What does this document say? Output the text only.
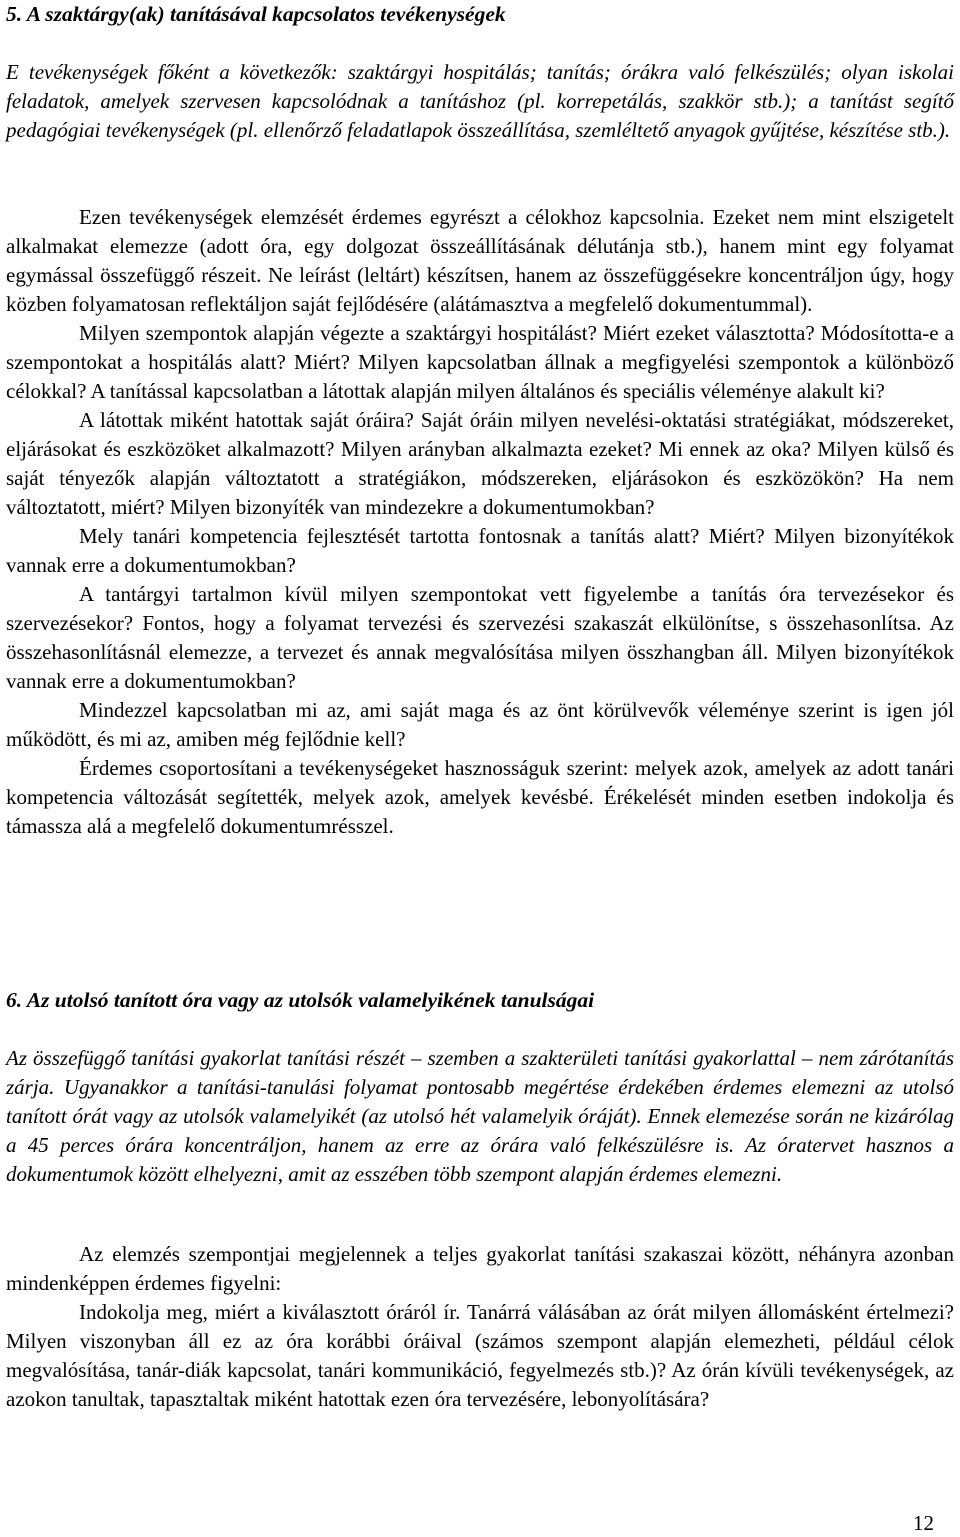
5. A szaktárgy(ak) tanításával kapcsolatos tevékenységek

E tevékenységek főként a következők: szaktárgyi hospitálás; tanítás; órákra való felkészülés; olyan iskolai feladatok, amelyek szervesen kapcsolódnak a tanításhoz (pl. korrepetálás, szakkör stb.); a tanítást segítő pedagógiai tevékenységek (pl. ellenőrző feladatlapok összeállítása, szemléltető anyagok gyűjtése, készítése stb.).

Ezen tevékenységek elemzését érdemes egyrészt a célokhoz kapcsolnia. Ezeket nem mint elszigetelt alkalmakat elemezze (adott óra, egy dolgozat összeállításának délutánja stb.), hanem mint egy folyamat egymással összefüggő részeit. Ne leírást (leltárt) készítsen, hanem az összefüggésekre koncentráljon úgy, hogy közben folyamatosan reflektáljon saját fejlődésére (alátámasztva a megfelelő dokumentummal).

Milyen szempontok alapján végezte a szaktárgyi hospitálást? Miért ezeket választotta? Módosította-e a szempontokat a hospitálás alatt? Miért? Milyen kapcsolatban állnak a megfigyelési szempontok a különböző célokkal? A tanítással kapcsolatban a látottak alapján milyen általános és speciális véleménye alakult ki?

A látottak miként hatottak saját óráira? Saját óráin milyen nevelési-oktatási stratégiákat, módszereket, eljárásokat és eszközöket alkalmazott? Milyen arányban alkalmazta ezeket? Mi ennek az oka? Milyen külső és saját tényezők alapján változtatott a stratégiákon, módszereken, eljárásokon és eszközökön? Ha nem változtatott, miért? Milyen bizonyíték van mindezekre a dokumentumokban?

Mely tanári kompetencia fejlesztését tartotta fontosnak a tanítás alatt? Miért? Milyen bizonyítékok vannak erre a dokumentumokban?

A tantárgyi tartalmon kívül milyen szempontokat vett figyelembe a tanítás óra tervezésekor és szervezésekor? Fontos, hogy a folyamat tervezési és szervezési szakaszát elkülönítse, s összehasonlítsa. Az összehasonlításnál elemezze, a tervezet és annak megvalósítása milyen összhangban áll. Milyen bizonyítékok vannak erre a dokumentumokban?

Mindezzel kapcsolatban mi az, ami saját maga és az önt körülvevők véleménye szerint is igen jól működött, és mi az, amiben még fejlődnie kell?

Érdemes csoportosítani a tevékenységeket hasznosságuk szerint: melyek azok, amelyek az adott tanári kompetencia változását segítették, melyek azok, amelyek kevésbé. Érékelését minden esetben indokolja és támassza alá a megfelelő dokumentumrésszel.

6. Az utolsó tanított óra vagy az utolsók valamelyikének tanulságai

Az összefüggő tanítási gyakorlat tanítási részét – szemben a szakterületi tanítási gyakorlattal – nem zárótanítás zárja. Ugyanakkor a tanítási-tanulási folyamat pontosabb megértése érdekében érdemes elemezni az utolsó tanított órát vagy az utolsók valamelyikét (az utolsó hét valamelyik óráját). Ennek elemezése során ne kizárólag a 45 perces órára koncentráljon, hanem az erre az órára való felkészülésre is. Az óratervet hasznos a dokumentumok között elhelyezni, amit az esszében több szempont alapján érdemes elemezni.

Az elemzés szempontjai megjelennek a teljes gyakorlat tanítási szakaszai között, néhányra azonban mindenképpen érdemes figyelni:

Indokolja meg, miért a kiválasztott óráról ír. Tanárrá válásában az órát milyen állomásként értelmezi? Milyen viszonyban áll ez az óra korábbi óráival (számos szempont alapján elemezheti, például célok megvalósítása, tanár-diák kapcsolat, tanári kommunikáció, fegyelmezés stb.)? Az órán kívüli tevékenységek, az azokon tanultak, tapasztaltak miként hatottak ezen óra tervezésére, lebonyolítására?

12
